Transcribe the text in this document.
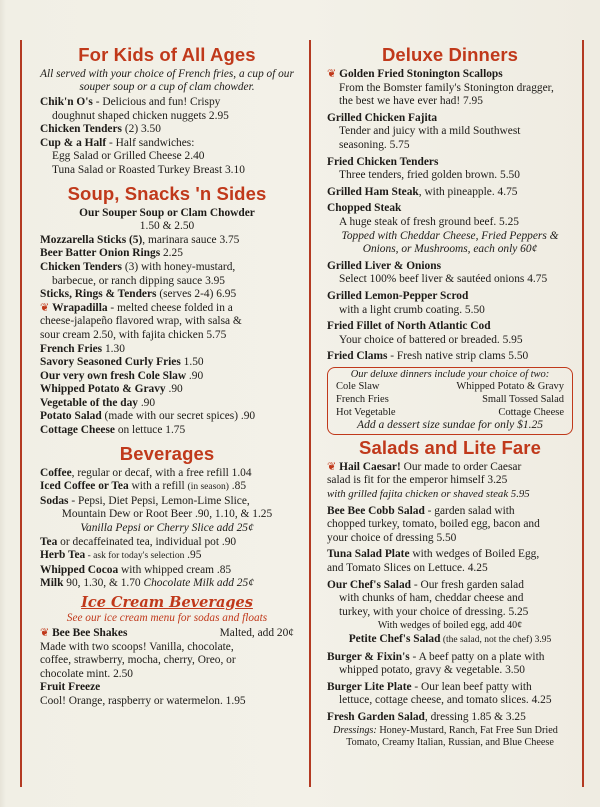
For Kids of All Ages

All served with your choice of French fries, a cup of our souper soup or a cup of clam chowder.

Chik'n O's - Delicious and fun! Crispy

doughnut shaped chicken nuggets 2.95

Chicken Tenders (2) 3.50

Cup & a Half - Half sandwiches:

Egg Salad or Grilled Cheese 2.40

Tuna Salad or Roasted Turkey Breast 3.10

Soup, Snacks 'n Sides

Our Souper Soup or Clam Chowder

1.50 & 2.50

Mozzarella Sticks (5), marinara sauce 3.75

Beer Batter Onion Rings 2.25

Chicken Tenders (3) with honey-mustard,

barbecue, or ranch dipping sauce 3.95

Sticks, Rings & Tenders (serves 2-4) 6.95

❦ Wrapadilla - melted cheese folded in a

cheese-jalapeño flavored wrap, with salsa &

sour cream 2.50, with fajita chicken 5.75

French Fries 1.30

Savory Seasoned Curly Fries 1.50

Our very own fresh Cole Slaw .90

Whipped Potato & Gravy .90

Vegetable of the day .90

Potato Salad (made with our secret spices) .90

Cottage Cheese on lettuce 1.75

Beverages

Coffee, regular or decaf, with a free refill 1.04

Iced Coffee or Tea with a refill (in season) .85

Sodas - Pepsi, Diet Pepsi, Lemon-Lime Slice,

Mountain Dew or Root Beer .90, 1.10, & 1.25

Vanilla Pepsi or Cherry Slice add 25¢

Tea or decaffeinated tea, individual pot .90

Herb Tea - ask for today's selection .95

Whipped Cocoa with whipped cream .85

Milk 90, 1.30, & 1.70 Chocolate Milk add 25¢

Ice Cream Beverages

See our ice cream menu for sodas and floats

❦ Bee Bee Shakes	Malted, add 20¢

Made with two scoops! Vanilla, chocolate,

coffee, strawberry, mocha, cherry, Oreo, or

chocolate mint. 2.50

Fruit Freeze

Cool! Orange, raspberry or watermelon. 1.95

Deluxe Dinners

❦ Golden Fried Stonington Scallops

From the Bomster family's Stonington dragger,

the best we have ever had! 7.95

Grilled Chicken Fajita

Tender and juicy with a mild Southwest

seasoning. 5.75

Fried Chicken Tenders

Three tenders, fried golden brown. 5.50

Grilled Ham Steak, with pineapple. 4.75

Chopped Steak

A huge steak of fresh ground beef. 5.25

Topped with Cheddar Cheese, Fried Peppers &

Onions, or Mushrooms, each only 60¢

Grilled Liver & Onions

Select 100% beef liver & sautéed onions 4.75

Grilled Lemon-Pepper Scrod

with a light crumb coating. 5.50

Fried Fillet of North Atlantic Cod

Your choice of battered or breaded. 5.95

Fried Clams - Fresh native strip clams 5.50

Our deluxe dinners include your choice of two:
Cole Slaw	Whipped Potato & Gravy
French Fries	Small Tossed Salad
Hot Vegetable	Cottage Cheese
Add a dessert size sundae for only $1.25
Salads and Lite Fare

❦ Hail Caesar! Our made to order Caesar

salad is fit for the emperor himself 3.25

with grilled fajita chicken or shaved steak 5.95

Bee Bee Cobb Salad - garden salad with

chopped turkey, tomato, boiled egg, bacon and

your choice of dressing 5.50

Tuna Salad Plate with wedges of Boiled Egg,

and Tomato Slices on Lettuce. 4.25

Our Chef's Salad - Our fresh garden salad

with chunks of ham, cheddar cheese and

turkey, with your choice of dressing. 5.25

With wedges of boiled egg, add 40¢

Petite Chef's Salad (the salad, not the chef) 3.95

Burger & Fixin's - A beef patty on a plate with

whipped potato, gravy & vegetable. 3.50

Burger Lite Plate - Our lean beef patty with

lettuce, cottage cheese, and tomato slices. 4.25

Fresh Garden Salad, dressing 1.85 & 3.25

Dressings: Honey-Mustard, Ranch, Fat Free Sun Dried

Tomato, Creamy Italian, Russian, and Blue Cheese
